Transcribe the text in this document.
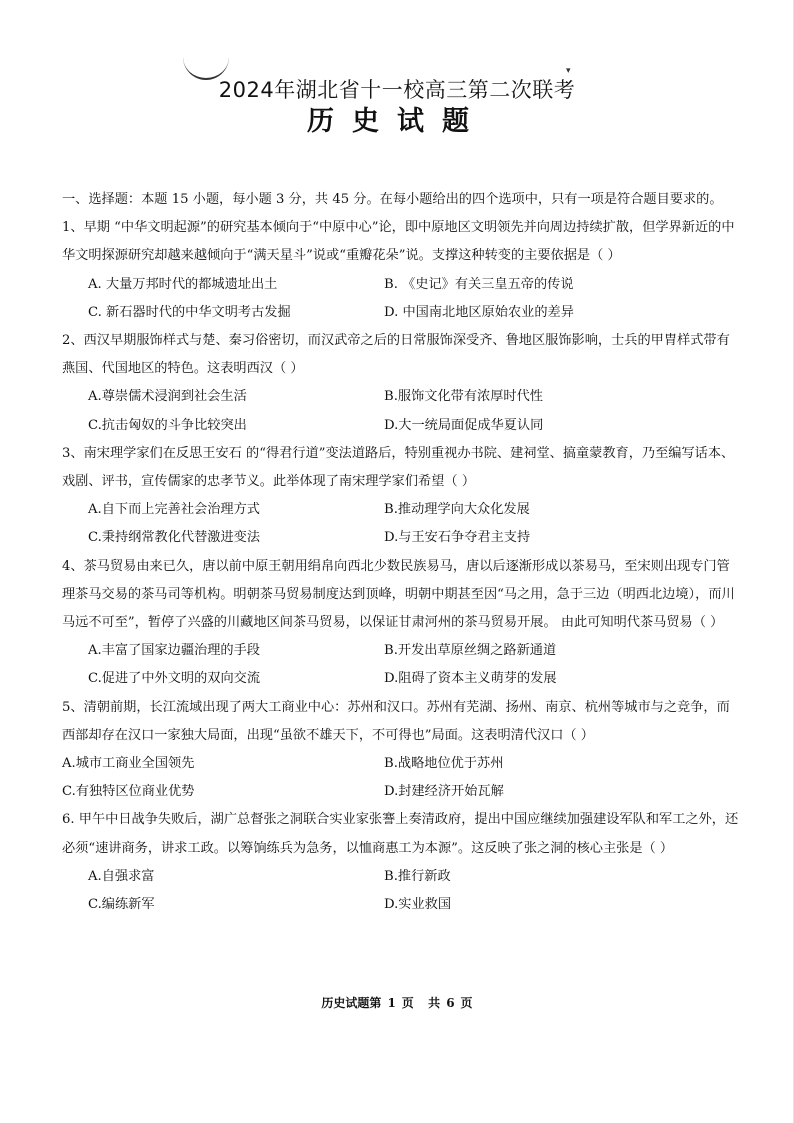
▾
2024年湖北省十一校高三第二次联考
历史试题

一、选择题：本题 15 小题，每小题 3 分，共 45 分。在每小题给出的四个选项中，只有一项是符合题目要求的。

1、早期 “中华文明起源”的研究基本倾向于“中原中心”论，即中原地区文明领先并向周边持续扩散，但学界新近的中华文明探源研究却越来越倾向于“满天星斗”说或“重瓣花朵”说。支撑这种转变的主要依据是（ ）

A. 大量万邦时代的都城遗址出土	B. 《史记》有关三皇五帝的传说
C. 新石器时代的中华文明考古发掘	D. 中国南北地区原始农业的差异

2、西汉早期服饰样式与楚、秦习俗密切，而汉武帝之后的日常服饰深受齐、鲁地区服饰影响，士兵的甲胄样式带有燕国、代国地区的特色。这表明西汉（ ）

A.尊崇儒术浸润到社会生活	B.服饰文化带有浓厚时代性
C.抗击匈奴的斗争比较突出	D.大一统局面促成华夏认同

3、南宋理学家们在反思王安石 的“得君行道”变法道路后，特别重视办书院、建祠堂、搞童蒙教育，乃至编写话本、戏剧、评书，宣传儒家的忠孝节义。此举体现了南宋理学家们希望（ ）

A.自下而上完善社会治理方式	B.推动理学向大众化发展
C.秉持纲常教化代替激进变法	D.与王安石争夺君主支持

4、茶马贸易由来已久，唐以前中原王朝用绢帛向西北少数民族易马，唐以后逐渐形成以茶易马，至宋则出现专门管理茶马交易的茶马司等机构。明朝茶马贸易制度达到顶峰，明朝中期甚至因“马之用，急于三边（明西北边境），而川马远不可至”，暂停了兴盛的川藏地区间茶马贸易，以保证甘肃河州的茶马贸易开展。 由此可知明代茶马贸易（ ）

A.丰富了国家边疆治理的手段	B.开发出草原丝绸之路新通道
C.促进了中外文明的双向交流	D.阻碍了资本主义萌芽的发展

5、清朝前期，长江流域出现了两大工商业中心：苏州和汉口。苏州有芜湖、扬州、南京、杭州等城市与之竞争，而西部却存在汉口一家独大局面，出现“虽欲不雄天下，不可得也”局面。这表明清代汉口（ ）

A.城市工商业全国领先	B.战略地位优于苏州
C.有独特区位商业优势	D.封建经济开始瓦解

6. 甲午中日战争失败后，湖广总督张之洞联合实业家张謇上奏清政府，提出中国应继续加强建设军队和军工之外，还必须“速讲商务，讲求工政。以筹饷练兵为急务，以恤商惠工为本源”。这反映了张之洞的核心主张是（ ）

A.自强求富	B.推行新政
C.编练新军	D.实业救国
历史试题第 1 页 共 6 页
